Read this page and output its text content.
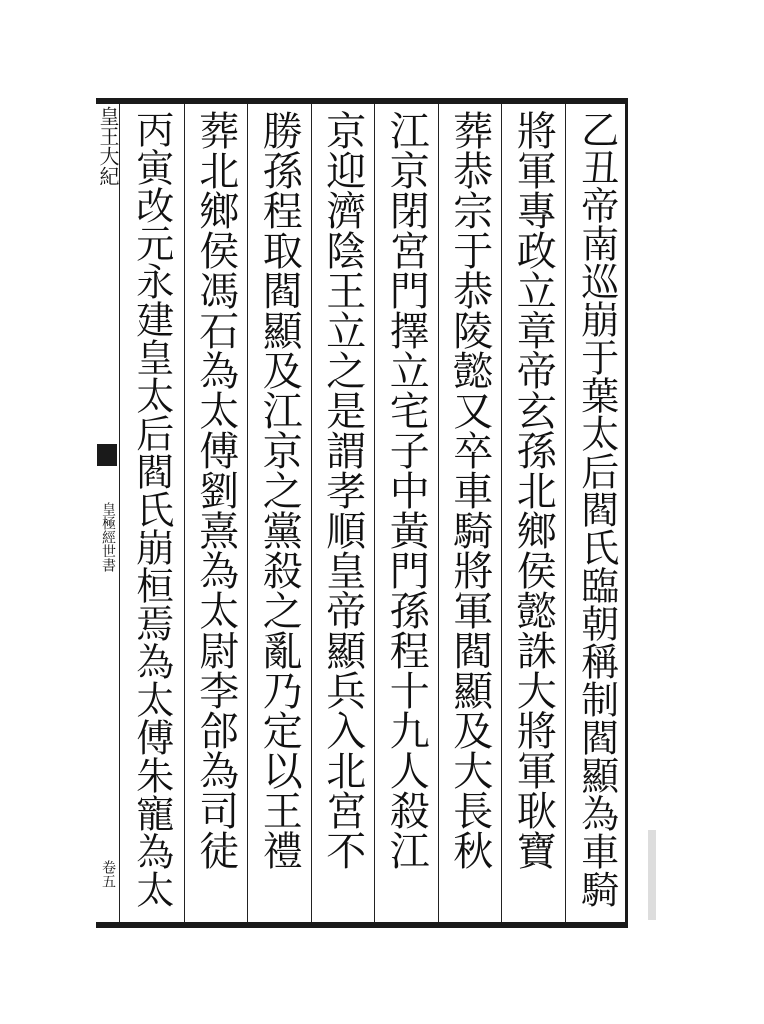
皇王大紀
皇極經世書
卷五	乙丑帝南巡崩于葉太后閻氏臨朝稱制閻顯為車騎
將軍專政立章帝玄孫北鄉侯懿誅大將軍耿寶
葬恭宗于恭陵懿又卒車騎將軍閻顯及大長秋
江京閉宮門擇立宅子中黃門孫程十九人殺江
京迎濟陰王立之是謂孝順皇帝顯兵入北宮不
勝孫程取閻顯及江京之黨殺之亂乃定以王禮
葬北鄉侯馮石為太傅劉熹為太尉李郃為司徒
丙寅改元永建皇太后閻氏崩桓焉為太傅朱寵為太
